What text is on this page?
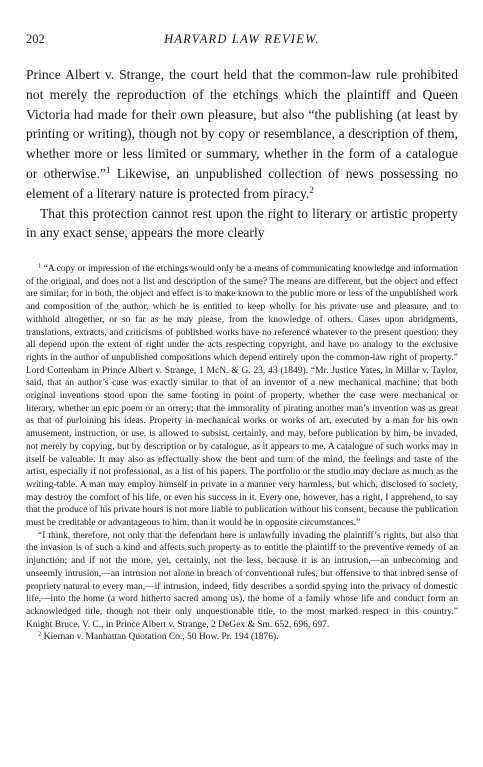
202	HARVARD LAW REVIEW.

Prince Albert v. Strange, the court held that the common-law rule prohibited not merely the reproduction of the etchings which the plaintiff and Queen Victoria had made for their own pleasure, but also “the publishing (at least by printing or writing), though not by copy or resemblance, a description of them, whether more or less limited or summary, whether in the form of a catalogue or otherwise.”$^1$ Likewise, an unpublished collection of news possessing no element of a literary nature is protected from piracy.$^2$

That this protection cannot rest upon the right to literary or artistic property in any exact sense, appears the more clearly

$^1$ “A copy or impression of the etchings would only be a means of communicating knowledge and information of the original, and does not a list and description of the same? The means are different, but the object and effect are similar; for in both, the object and effect is to make known to the public more or less of the unpublished work and composition of the author, which he is entitled to keep wholly for his private use and pleasure, and to withhold altogether, or so far as he may please, from the knowledge of others. Cases upon abridgments, translations, extracts, and criticisms of published works have no reference whatever to the present question; they all depend upon the extent of right under the acts respecting copyright, and have no analogy to the exclusive rights in the author of unpublished compositions which depend entirely upon the common-law right of property.” Lord Cottenham in Prince Albert v. Strange, 1 McN. & G. 23, 43 (1849). “Mr. Justice Yates, in Millar v. Taylor, said, that an author’s case was exactly similar to that of an inventor of a new mechanical machine; that both original inventions stood upon the same footing in point of property, whether the case were mechanical or literary, whether an epic poem or an orrery; that the immorality of pirating another man’s invention was as great as that of purloining his ideas. Property in mechanical works or works of art, executed by a man for his own amusement, instruction, or use, is allowed to subsist, certainly, and may, before publication by him, be invaded, not merely by copying, but by description or by catalogue, as it appears to me. A catalogue of such works may in itself be valuable. It may also as effectually show the bent and turn of the mind, the feelings and taste of the artist, especially if not professional, as a list of his papers. The portfolio or the studio may declare as much as the writing-table. A man may employ himself in private in a manner very harmless, but which, disclosed to society, may destroy the comfort of his life, or even his success in it. Every one, however, has a right, I apprehend, to say that the produce of his private hours is not more liable to publication without his consent, because the publication must be creditable or advantageous to him, than it would be in opposite circumstances.”

“I think, therefore, not only that the defendant here is unlawfully invading the plaintiff’s rights, but also that the invasion is of such a kind and affects such property as to entitle the plaintiff to the preventive remedy of an injunction; and if not the more, yet, certainly, not the less, because it is an intrusion,—an unbecoming and unseemly intrusion,—an intrusion not alone in breach of conventional rules, but offensive to that inbred sense of propriety natural to every man,—if intrusion, indeed, fitly describes a sordid spying into the privacy of domestic life,—into the home (a word hitherto sacred among us), the home of a family whose life and conduct form an acknowledged title, though not their only unquestionable title, to the most marked respect in this country.” Knight Bruce, V. C., in Prince Albert v. Strange, 2 DeGex & Sm. 652, 696, 697.

$^2$ Kiernan v. Manhattan Quotation Co., 50 How. Pr. 194 (1876).
